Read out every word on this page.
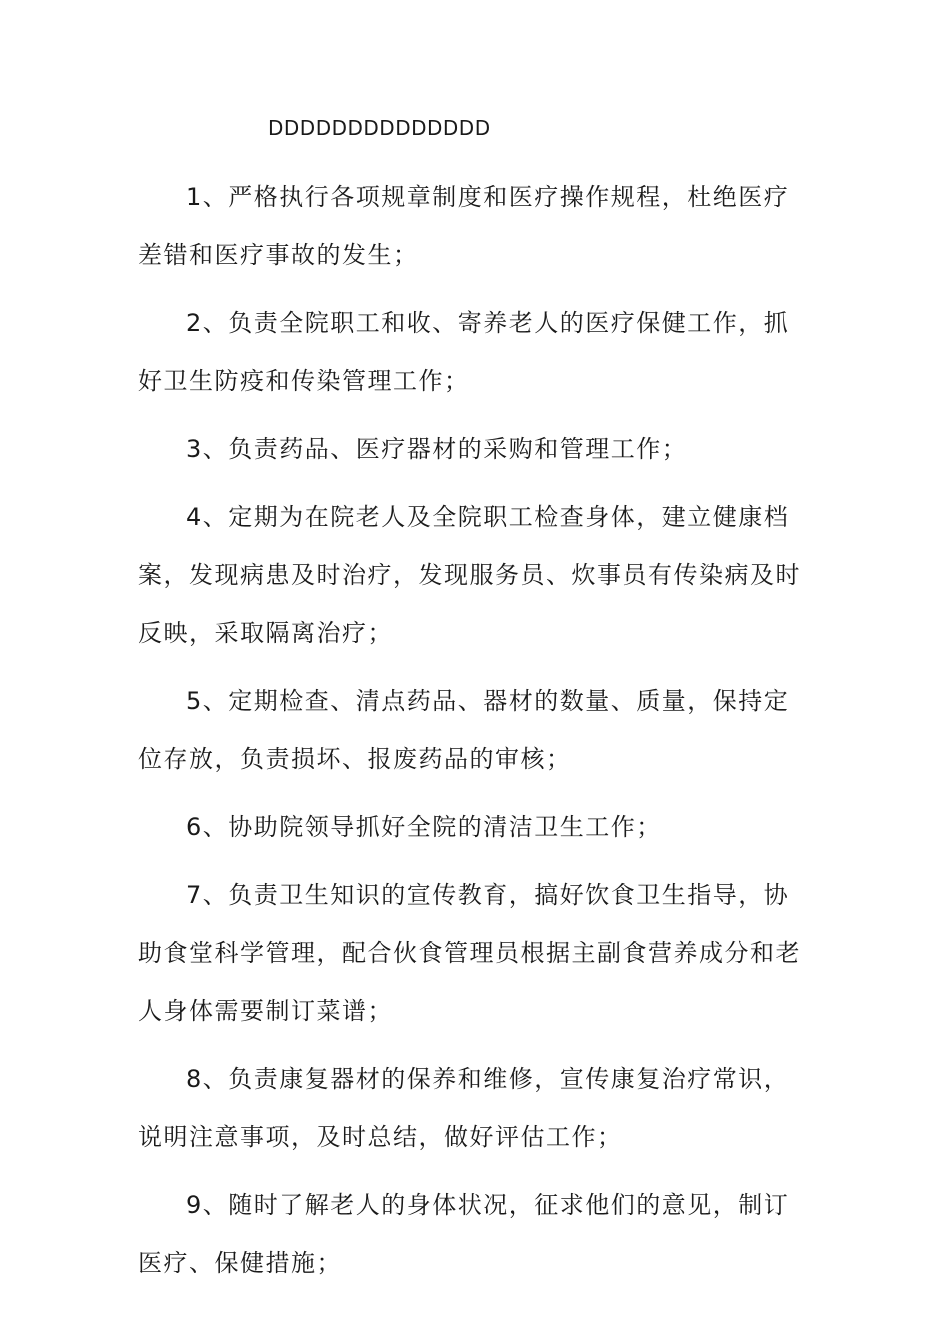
DDDDDDDDDDDDDD

1、严格执行各项规章制度和医疗操作规程，杜绝医疗差错和医疗事故的发生；

2、负责全院职工和收、寄养老人的医疗保健工作，抓好卫生防疫和传染管理工作；

3、负责药品、医疗器材的采购和管理工作；

4、定期为在院老人及全院职工检查身体，建立健康档案，发现病患及时治疗，发现服务员、炊事员有传染病及时反映，采取隔离治疗；

5、定期检查、清点药品、器材的数量、质量，保持定位存放，负责损坏、报废药品的审核；

6、协助院领导抓好全院的清洁卫生工作；

7、负责卫生知识的宣传教育，搞好饮食卫生指导，协助食堂科学管理，配合伙食管理员根据主副食营养成分和老人身体需要制订菜谱；

8、负责康复器材的保养和维修，宣传康复治疗常识，说明注意事项，及时总结，做好评估工作；

9、随时了解老人的身体状况，征求他们的意见，制订医疗、保健措施；
